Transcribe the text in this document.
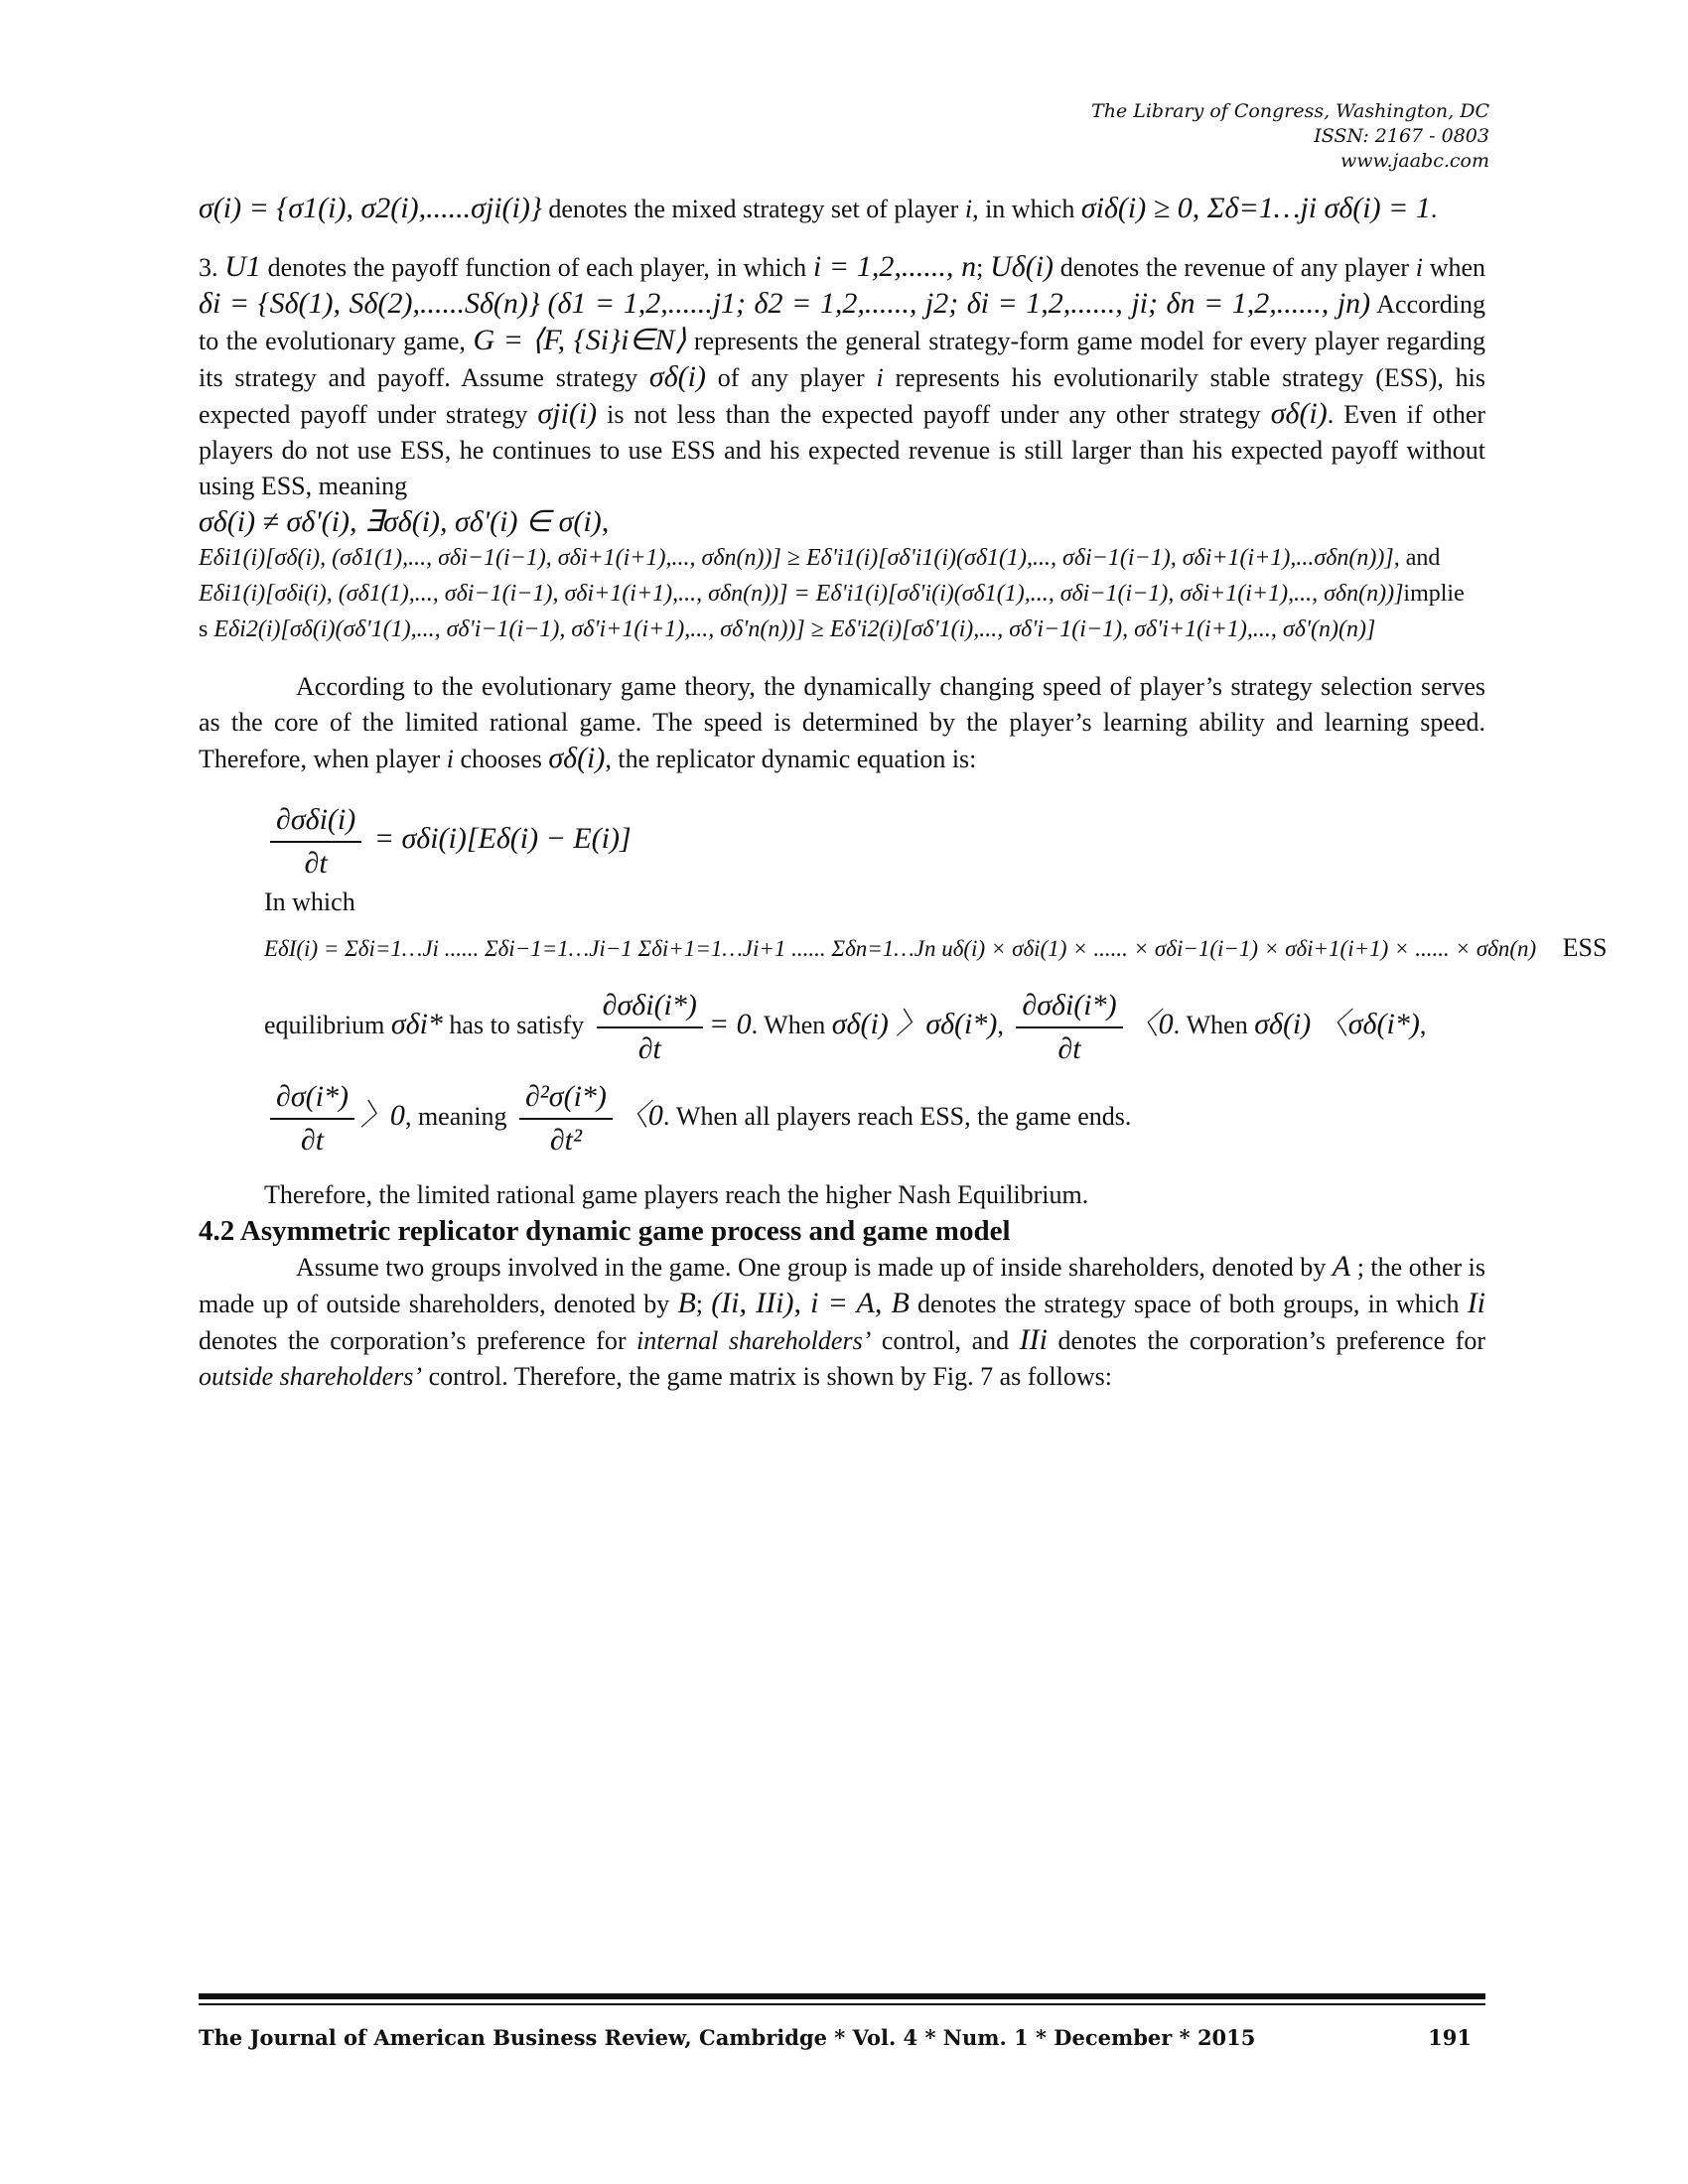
The Library of Congress, Washington, DC
ISSN: 2167 - 0803
www.jaabc.com

σ(i) = {σ1(i), σ2(i),......σji(i)} denotes the mixed strategy set of player i, in which σiδ(i) ≥ 0, Σδ=1…ji σδ(i) = 1.

3. U1 denotes the payoff function of each player, in which i = 1,2,......, n; Uδ(i) denotes the revenue of any player i when δi = {Sδ(1), Sδ(2),......Sδ(n)} (δ1 = 1,2,......j1; δ2 = 1,2,......, j2; δi = 1,2,......, ji; δn = 1,2,......, jn) According to the evolutionary game, G = ⟨F, {Si}i∈N⟩ represents the general strategy-form game model for every player regarding its strategy and payoff. Assume strategy σδ(i) of any player i represents his evolutionarily stable strategy (ESS), his expected payoff under strategy σji(i) is not less than the expected payoff under any other strategy σδ(i). Even if other players do not use ESS, he continues to use ESS and his expected revenue is still larger than his expected payoff without using ESS, meaning

σδ(i) ≠ σδ'(i), ∃σδ(i), σδ'(i) ∈ σ(i),

Eδi1(i)[σδ(i), (σδ1(1),..., σδi−1(i−1), σδi+1(i+1),..., σδn(n))] ≥ Eδ'i1(i)[σδ'i1(i)(σδ1(1),..., σδi−1(i−1), σδi+1(i+1),...σδn(n))], and

Eδi1(i)[σδi(i), (σδ1(1),..., σδi−1(i−1), σδi+1(i+1),..., σδn(n))] = Eδ'i1(i)[σδ'i(i)(σδ1(1),..., σδi−1(i−1), σδi+1(i+1),..., σδn(n))]implie

s Eδi2(i)[σδ(i)(σδ'1(1),..., σδ'i−1(i−1), σδ'i+1(i+1),..., σδ'n(n))] ≥ Eδ'i2(i)[σδ'1(i),..., σδ'i−1(i−1), σδ'i+1(i+1),..., σδ'(n)(n)]

According to the evolutionary game theory, the dynamically changing speed of player’s strategy selection serves as the core of the limited rational game. The speed is determined by the player’s learning ability and learning speed. Therefore, when player i chooses σδ(i), the replicator dynamic equation is:

$\frac{\text{∂σδi(i)}}{\partial t} = \sigma\delta i(i)[E\delta(i) - E(i)]$

In which

EδI(i) = Σδi=1…Ji ...... Σδi−1=1…Ji−1 Σδi+1=1…Ji+1 ...... Σδn=1…Jn uδ(i) × σδi(1) × ...... × σδi−1(i−1) × σδi+1(i+1) × ...... × σδn(n) ESS
equilibrium σδi* has to satisfy $\frac{\text{∂σδi(i*)}}{\partial t} = 0$. When σδ(i) 〉σδ(i*), $\frac{\text{∂σδi(i*)}}{\partial t}$ 〈0. When σδ(i) 〈σδ(i*),
$\frac{\partial\sigma(i*)}{\partial t}$ 〉0, meaning $\frac{\text{∂²σ(i*)}}{\text{∂t²}}$ 〈0. When all players reach ESS, the game ends.

Therefore, the limited rational game players reach the higher Nash Equilibrium.

4.2 Asymmetric replicator dynamic game process and game model

Assume two groups involved in the game. One group is made up of inside shareholders, denoted by A ; the other is made up of outside shareholders, denoted by B; (Ii, IIi), i = A, B denotes the strategy space of both groups, in which Ii denotes the corporation’s preference for internal shareholders’ control, and IIi denotes the corporation’s preference for outside shareholders’ control. Therefore, the game matrix is shown by Fig. 7 as follows:

The Journal of American Business Review, Cambridge * Vol. 4 * Num. 1 * December * 2015	191
